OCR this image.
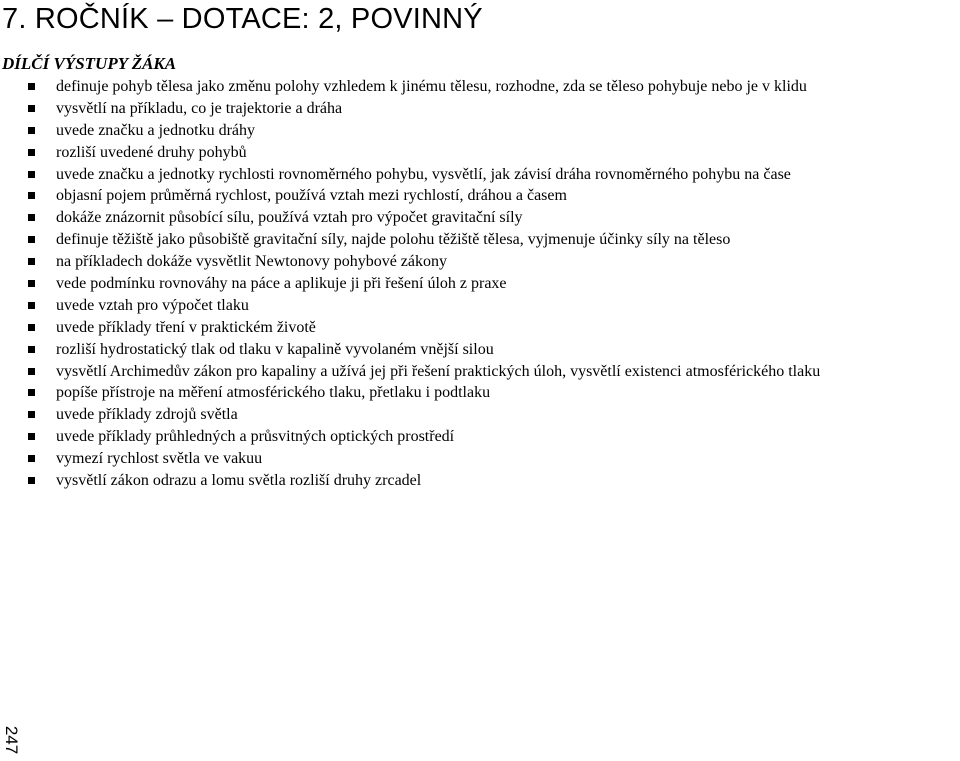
7. ROČNÍK – DOTACE: 2, POVINNÝ
DÍLČÍ VÝSTUPY ŽÁKA
definuje pohyb tělesa jako změnu polohy vzhledem k jinému tělesu, rozhodne, zda se těleso pohybuje nebo je v klidu
vysvětlí na příkladu, co je trajektorie a dráha
uvede značku a jednotku dráhy
rozliší uvedené druhy pohybů
uvede značku a jednotky rychlosti rovnoměrného pohybu, vysvětlí, jak závisí dráha rovnoměrného pohybu na čase
objasní pojem průměrná rychlost, používá vztah mezi rychlostí, dráhou a časem
dokáže znázornit působící sílu, používá vztah pro výpočet gravitační síly
definuje těžiště jako působiště gravitační síly, najde polohu těžiště tělesa, vyjmenuje účinky síly na těleso
na příkladech dokáže vysvětlit Newtonovy pohybové zákony
vede podmínku rovnováhy na páce a aplikuje ji při řešení úloh z praxe
uvede vztah pro výpočet tlaku
uvede příklady tření v praktickém životě
rozliší hydrostatický tlak od tlaku v kapalině vyvolaném vnější silou
vysvětlí Archimedův zákon pro kapaliny a užívá jej při řešení praktických úloh, vysvětlí existenci atmosférického tlaku
popíše přístroje na měření atmosférického tlaku, přetlaku i podtlaku
uvede příklady zdrojů světla
uvede příklady průhledných a průsvitných optických prostředí
vymezí rychlost světla ve vakuu
vysvětlí zákon odrazu a lomu světla rozliší druhy zrcadel
247
